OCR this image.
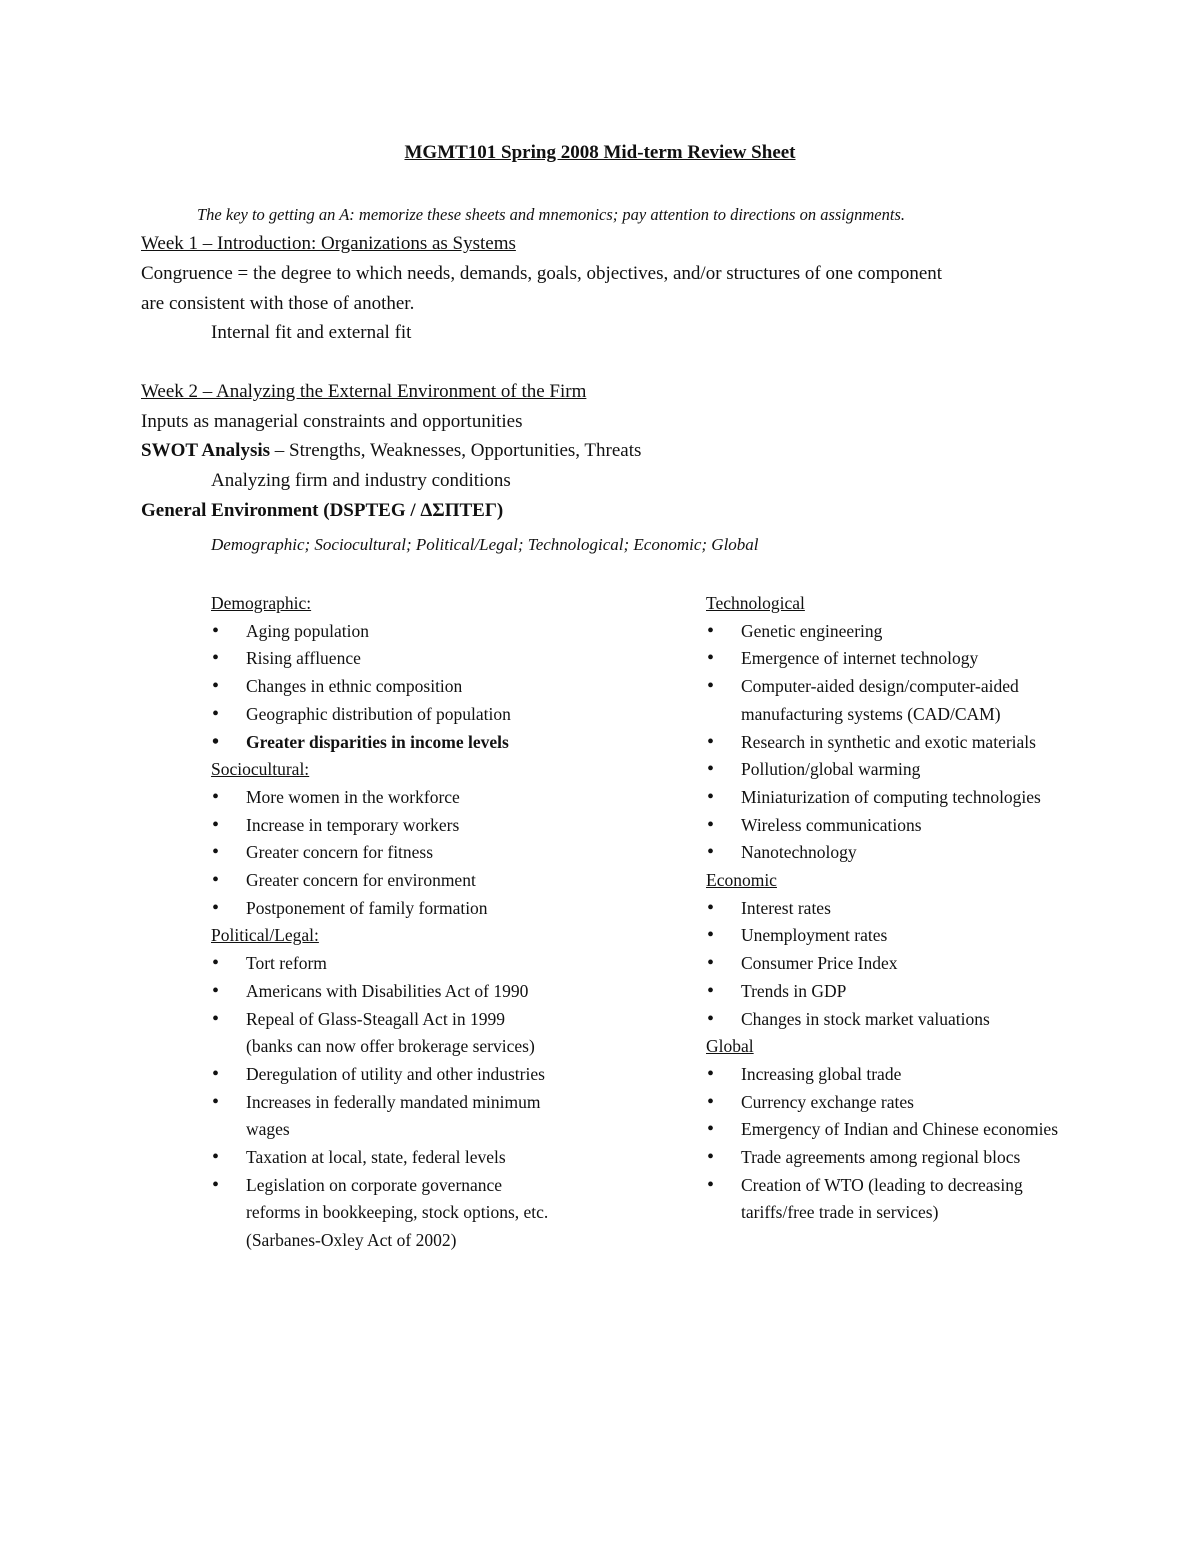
MGMT101 Spring 2008 Mid-term Review Sheet
The key to getting an A: memorize these sheets and mnemonics; pay attention to directions on assignments.
Week 1 – Introduction: Organizations as Systems
Congruence = the degree to which needs, demands, goals, objectives, and/or structures of one component
are consistent with those of another.
Internal fit and external fit
Week 2 – Analyzing the External Environment of the Firm
Inputs as managerial constraints and opportunities
SWOT Analysis – Strengths, Weaknesses, Opportunities, Threats
Analyzing firm and industry conditions
General Environment (DSPTEG / ΔΣΠΤΕΓ)
Demographic; Sociocultural; Political/Legal; Technological; Economic; Global
Demographic:
• Aging population
• Rising affluence
• Changes in ethnic composition
• Geographic distribution of population
• Greater disparities in income levels
Sociocultural:
• More women in the workforce
• Increase in temporary workers
• Greater concern for fitness
• Greater concern for environment
• Postponement of family formation
Political/Legal:
• Tort reform
• Americans with Disabilities Act of 1990
• Repeal of Glass-Steagall Act in 1999 (banks can now offer brokerage services)
• Deregulation of utility and other industries
• Increases in federally mandated minimum wages
• Taxation at local, state, federal levels
• Legislation on corporate governance reforms in bookkeeping, stock options, etc. (Sarbanes-Oxley Act of 2002)
Technological
• Genetic engineering
• Emergence of internet technology
• Computer-aided design/computer-aided manufacturing systems (CAD/CAM)
• Research in synthetic and exotic materials
• Pollution/global warming
• Miniaturization of computing technologies
• Wireless communications
• Nanotechnology
Economic
• Interest rates
• Unemployment rates
• Consumer Price Index
• Trends in GDP
• Changes in stock market valuations
Global
• Increasing global trade
• Currency exchange rates
• Emergency of Indian and Chinese economies
• Trade agreements among regional blocs
• Creation of WTO (leading to decreasing tariffs/free trade in services)
